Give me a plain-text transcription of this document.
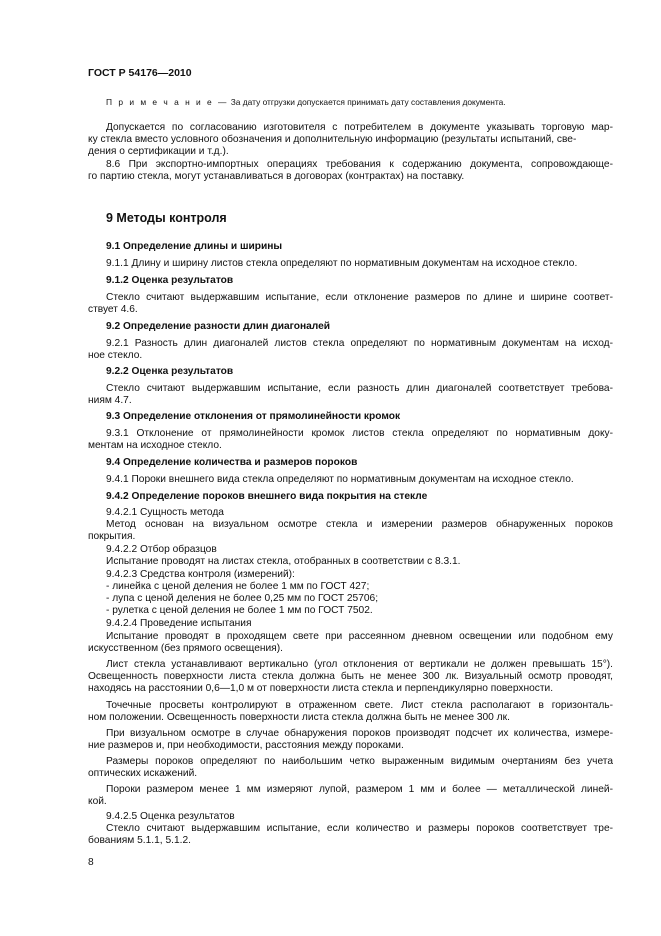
ГОСТ Р 54176—2010
П р и м е ч а н и е — За дату отгрузки допускается принимать дату составления документа.

Допускается по согласованию изготовителя с потребителем в документе указывать торговую мар-

ку стекла вместо условного обозначения и дополнительную информацию (результаты испытаний, све-

дения о сертификации и т.д.).

8.6 При экспортно-импортных операциях требования к содержанию документа, сопровождающе-

го партию стекла, могут устанавливаться в договорах (контрактах) на поставку.

9 Методы контроля
9.1 Определение длины и ширины

9.1.1 Длину и ширину листов стекла определяют по нормативным документам на исходное стекло.

9.1.2 Оценка результатов

Стекло считают выдержавшим испытание, если отклонение размеров по длине и ширине соответ-

ствует 4.6.

9.2 Определение разности длин диагоналей

9.2.1 Разность длин диагоналей листов стекла определяют по нормативным документам на исход-

ное стекло.

9.2.2 Оценка результатов

Стекло считают выдержавшим испытание, если разность длин диагоналей соответствует требова-

ниям 4.7.

9.3 Определение отклонения от прямолинейности кромок

9.3.1 Отклонение от прямолинейности кромок листов стекла определяют по нормативным доку-

ментам на исходное стекло.

9.4 Определение количества и размеров пороков

9.4.1 Пороки внешнего вида стекла определяют по нормативным документам на исходное стекло.

9.4.2 Определение пороков внешнего вида покрытия на стекле

9.4.2.1 Сущность метода

Метод основан на визуальном осмотре стекла и измерении размеров обнаруженных пороков

покрытия.

9.4.2.2 Отбор образцов

Испытание проводят на листах стекла, отобранных в соответствии с 8.3.1.

9.4.2.3 Средства контроля (измерений):

- линейка с ценой деления не более 1 мм по ГОСТ 427;

- лупа с ценой деления не более 0,25 мм по ГОСТ 25706;

- рулетка с ценой деления не более 1 мм по ГОСТ 7502.

9.4.2.4 Проведение испытания

Испытание проводят в проходящем свете при рассеянном дневном освещении или подобном ему

искусственном (без прямого освещения).

Лист стекла устанавливают вертикально (угол отклонения от вертикали не должен превышать 15°).

Освещенность поверхности листа стекла должна быть не менее 300 лк. Визуальный осмотр проводят,

находясь на расстоянии 0,6—1,0 м от поверхности листа стекла и перпендикулярно поверхности.

Точечные просветы контролируют в отраженном свете. Лист стекла располагают в горизонталь-

ном положении. Освещенность поверхности листа стекла должна быть не менее 300 лк.

При визуальном осмотре в случае обнаружения пороков производят подсчет их количества, измере-

ние размеров и, при необходимости, расстояния между пороками.

Размеры пороков определяют по наибольшим четко выраженным видимым очертаниям без учета

оптических искажений.

Пороки размером менее 1 мм измеряют лупой, размером 1 мм и более — металлической линей-

кой.

9.4.2.5 Оценка результатов

Стекло считают выдержавшим испытание, если количество и размеры пороков соответствует тре-

бованиям 5.1.1, 5.1.2.

8
